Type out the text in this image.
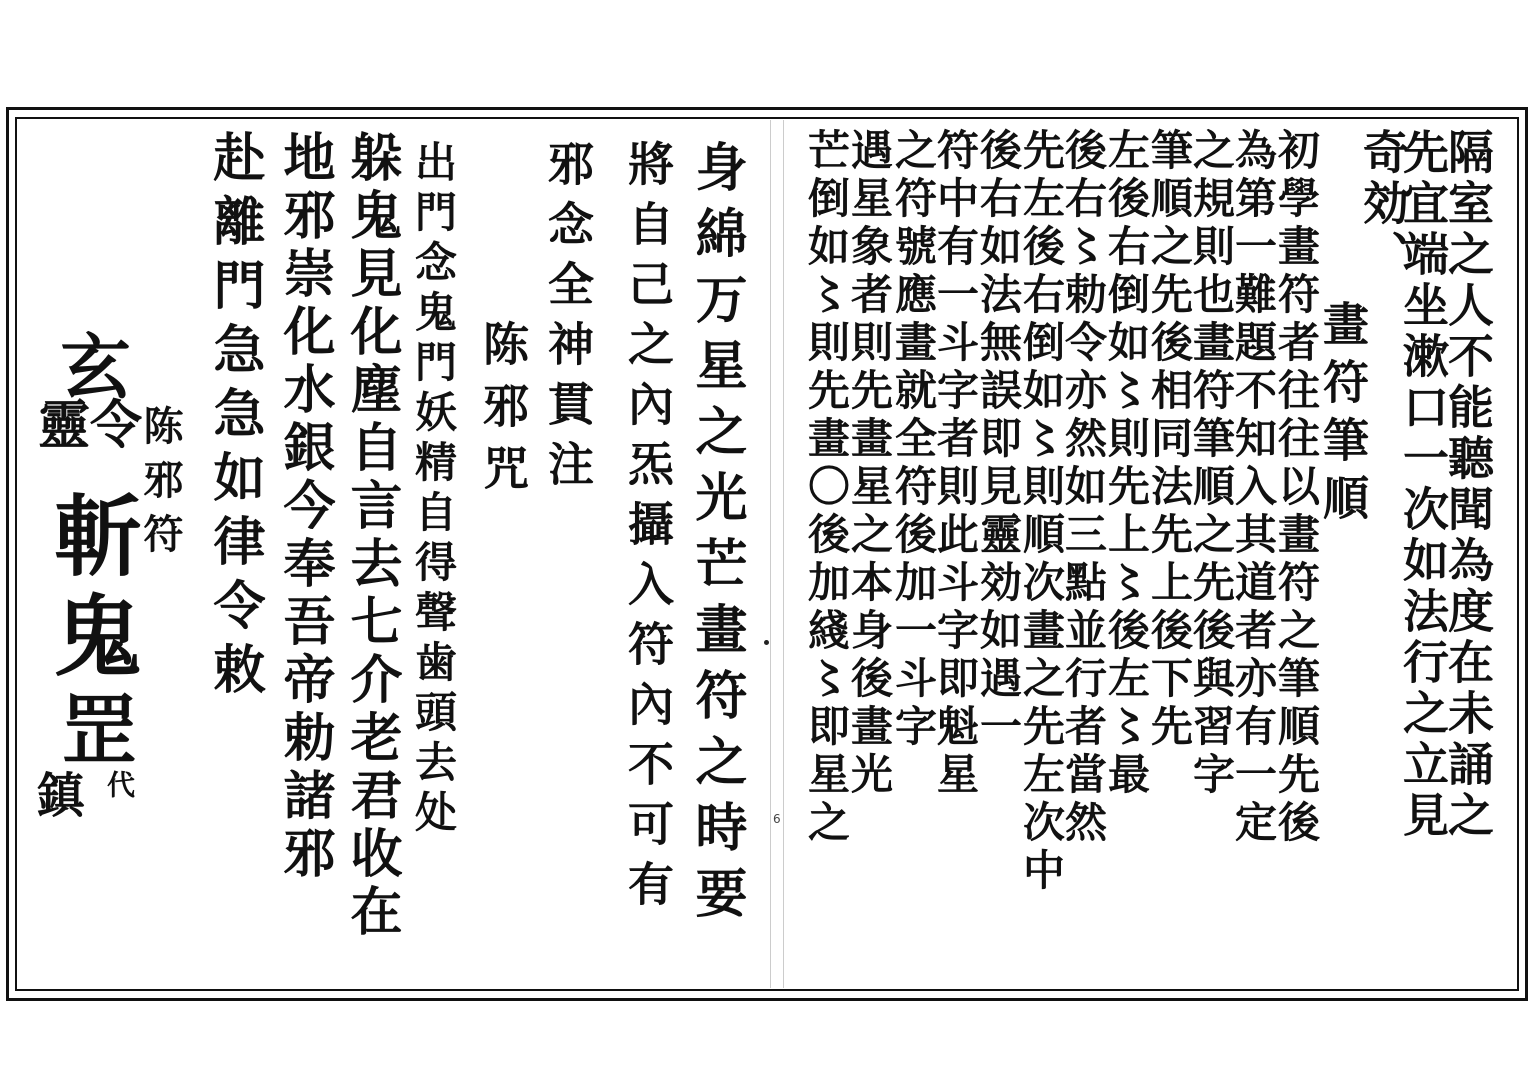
6	隔室之人不能聽聞為度在未誦之
先宜端坐漱口一次如法行之立見
奇効、
畫符筆順
初學畫符者往往以畫符之筆順先後
為第一難題不知入其道者亦有一定
之規則也畫符筆順之先後與習字
筆順之先後相同法先上後下先
左後右倒如〻則先上〻後左〻最
後右〻勅令亦然如三點並行者當然
先左後右倒如〻則順次畫之先左次中
後右如法無誤即見靈効如遇一
符中有一斗字者則此斗字即魁星
之符號應畫就全符後加一斗字
遇星象者則先畫星之本身後畫光
芒倒如〻則先畫〇後加綫〻即星之
身綿万星之光芒畫符之時要
將自己之內炁攝入符內不可有
邪念全神貫注
陈邪咒
出門念鬼門妖精自得聲歯頭去处
躲鬼見化塵自言去七介老君收在
地邪崇化水銀今奉吾帝勅諸邪
赴離門急急如律令敕
陈邪符
玄
靈令
斬
鬼
罡
代
鎮
